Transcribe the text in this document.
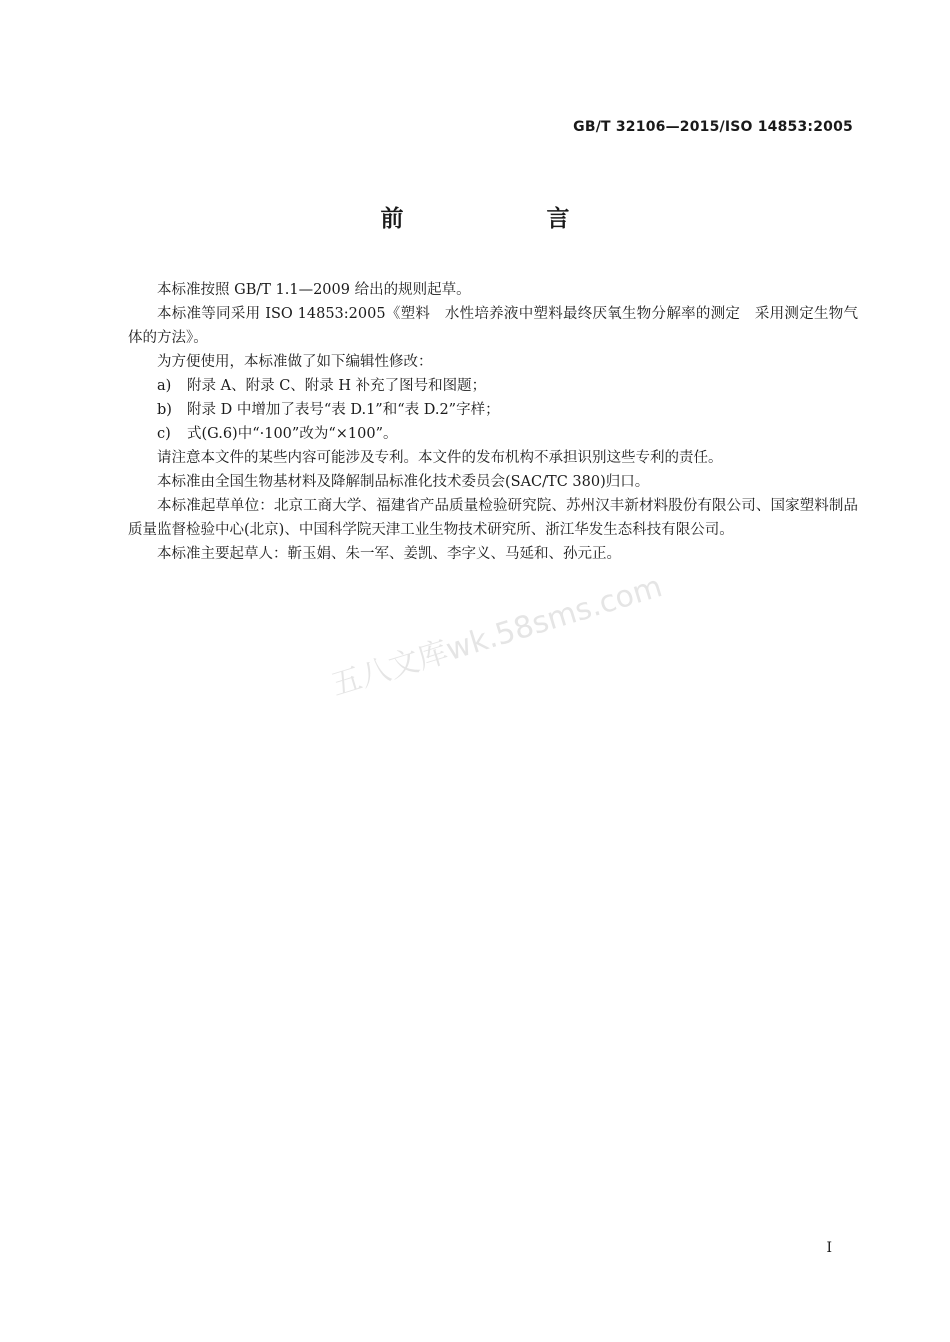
GB/T 32106—2015/ISO 14853:2005
前　言

本标准按照 GB/T 1.1—2009 给出的规则起草。

本标准等同采用 ISO 14853:2005《塑料　水性培养液中塑料最终厌氧生物分解率的测定　采用测定生物气体的方法》。

为方便使用，本标准做了如下编辑性修改：

a)	附录 A、附录 C、附录 H 补充了图号和图题；
b)	附录 D 中增加了表号“表 D.1”和“表 D.2”字样；
c)	式(G.6)中“·100”改为“×100”。

请注意本文件的某些内容可能涉及专利。本文件的发布机构不承担识别这些专利的责任。

本标准由全国生物基材料及降解制品标准化技术委员会(SAC/TC 380)归口。

本标准起草单位：北京工商大学、福建省产品质量检验研究院、苏州汉丰新材料股份有限公司、国家塑料制品质量监督检验中心(北京)、中国科学院天津工业生物技术研究所、浙江华发生态科技有限公司。

本标准主要起草人：靳玉娟、朱一军、姜凯、李字义、马延和、孙元正。

五八文库wk.58sms.com
I
